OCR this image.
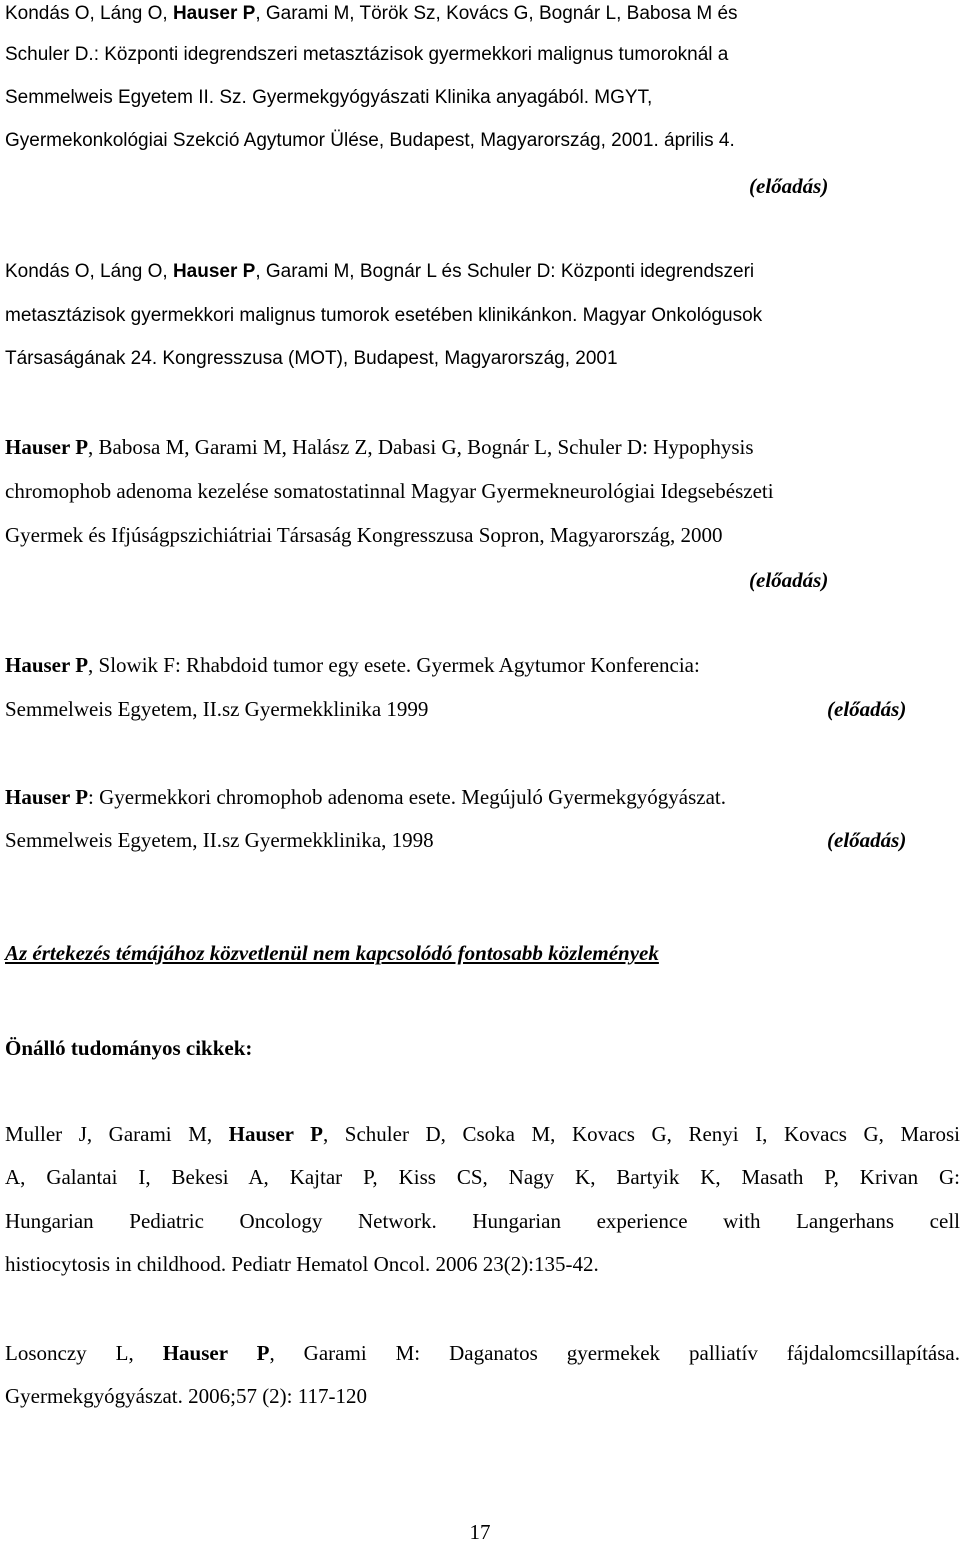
Kondás O, Láng O, Hauser P, Garami M, Török Sz, Kovács G, Bognár L, Babosa M és
Schuler D.: Központi idegrendszeri metasztázisok gyermekkori malignus tumoroknál a
Semmelweis Egyetem II. Sz. Gyermekgyógyászati Klinika anyagából. MGYT,
Gyermekonkológiai Szekció Agytumor Ülése, Budapest, Magyarország, 2001. április 4.
(előadás)
Kondás O, Láng O, Hauser P, Garami M, Bognár L és Schuler D: Központi idegrendszeri
metasztázisok gyermekkori malignus tumorok esetében klinikánkon. Magyar Onkológusok
Társaságának 24. Kongresszusa (MOT), Budapest, Magyarország, 2001
Hauser P, Babosa M, Garami M, Halász Z, Dabasi G, Bognár L, Schuler D: Hypophysis
chromophob adenoma kezelése somatostatinnal Magyar Gyermekneurológiai Idegsebészeti
Gyermek és Ifjúságpszichiátriai Társaság Kongresszusa Sopron, Magyarország, 2000
(előadás)
Hauser P, Slowik F: Rhabdoid tumor egy esete. Gyermek Agytumor Konferencia:
Semmelweis Egyetem, II.sz Gyermekklinika 1999	(előadás)
Hauser P: Gyermekkori chromophob adenoma esete. Megújuló Gyermekgyógyászat.
Semmelweis Egyetem, II.sz Gyermekklinika, 1998	(előadás)
Az értekezés témájához közvetlenül nem kapcsolódó fontosabb közlemények
Önálló tudományos cikkek:
Muller J, Garami M, Hauser P, Schuler D, Csoka M, Kovacs G, Renyi I, Kovacs G, Marosi
A, Galantai I, Bekesi A, Kajtar P, Kiss CS, Nagy K, Bartyik K, Masath P, Krivan G:
Hungarian Pediatric Oncology Network. Hungarian experience with Langerhans cell
histiocytosis in childhood. Pediatr Hematol Oncol. 2006 23(2):135-42.
Losonczy L, Hauser P, Garami M: Daganatos gyermekek palliatív fájdalomcsillapítása.
Gyermekgyógyászat. 2006;57 (2): 117-120
17
